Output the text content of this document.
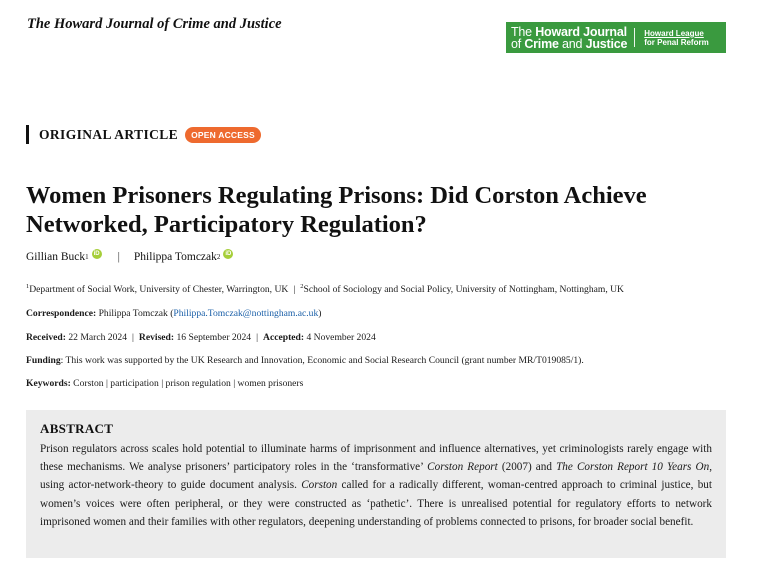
The Howard Journal of Crime and Justice	The Howard Journal
of Crime and Justice
Howard League
for Penal Reform
ORIGINAL ARTICLE	OPEN ACCESS
Women Prisoners Regulating Prisons: Did Corston Achieve Networked, Participatory Regulation?
Gillian Buck 1 iD | Philippa Tomczak 2 iD
$^1$Department of Social Work, University of Chester, Warrington, UK | $^2$School of Sociology and Social Policy, University of Nottingham, Nottingham, UK
Correspondence: Philippa Tomczak (Philippa.Tomczak@nottingham.ac.uk)
Received: 22 March 2024 | Revised: 16 September 2024 | Accepted: 4 November 2024
Funding: This work was supported by the UK Research and Innovation, Economic and Social Research Council (grant number MR/T019085/1).
Keywords: Corston | participation | prison regulation | women prisoners
ABSTRACT

Prison regulators across scales hold potential to illuminate harms of imprisonment and influence alternatives, yet criminologists rarely engage with these mechanisms. We analyse prisoners’ participatory roles in the ‘transformative’ Corston Report (2007) and The Corston Report 10 Years On, using actor-network-theory to guide document analysis. Corston called for a radically different, woman-centred approach to criminal justice, but women’s voices were often peripheral, or they were constructed as ‘pathetic’. There is unrealised potential for regulatory efforts to network imprisoned women and their families with other regulators, deepening understanding of problems connected to prisons, for broader social benefit.
